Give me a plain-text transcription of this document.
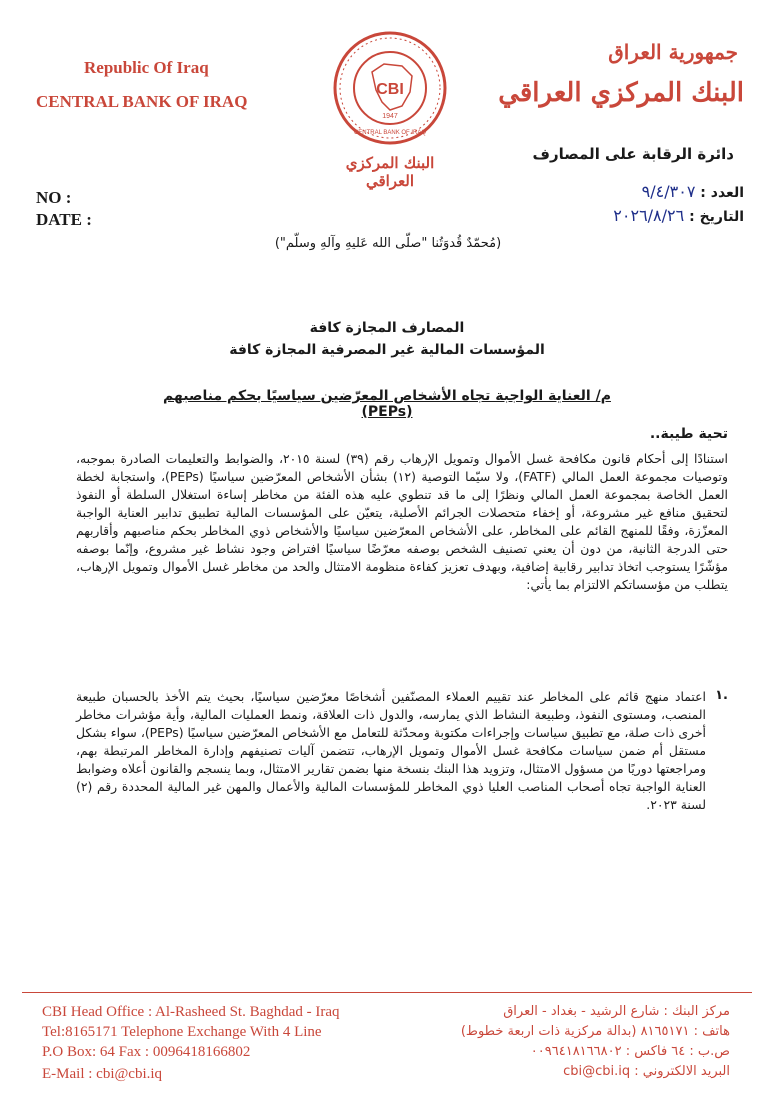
Republic Of Iraq
CENTRAL BANK OF IRAQ
جمهورية العراق
البنك المركزي العراقي
CBI
1947
CENTRAL BANK OF IRAQ
البنك المركزي العراقي
دائرة الرقابة على المصارف
NO :
DATE :
العدد : ٩/٤/٣٠٧
التاريخ : ٢٠٢٦/٨/٢٦
(مُحمّدٌ قُدوَتُنا "صلّى الله عَليهِ وآلهِ وسلّم")
المصارف المجازة كافة
المؤسسات المالية غير المصرفية المجازة كافة
م/ العناية الواجبة تجاه الأشخاص المعرّضين سياسيًا بحكم مناصبهم (PEPs)
تحية طيبة..
استنادًا إلى أحكام قانون مكافحة غسل الأموال وتمويل الإرهاب رقم (٣٩) لسنة ٢٠١٥، والضوابط والتعليمات الصادرة بموجبه، وتوصيات مجموعة العمل المالي (FATF)، ولا سيّما التوصية (١٢) بشأن الأشخاص المعرّضين سياسيًا (PEPs)، واستجابة لخطة العمل الخاصة بمجموعة العمل المالي ونظرًا إلى ما قد تنطوي عليه هذه الفئة من مخاطر إساءة استغلال السلطة أو النفوذ لتحقيق منافع غير مشروعة، أو إخفاء متحصلات الجرائم الأصلية، يتعيّن على المؤسسات المالية تطبيق تدابير العناية الواجبة المعزّزة، وفقًا للمنهج القائم على المخاطر، على الأشخاص المعرّضين سياسيًا والأشخاص ذوي المخاطر بحكم مناصبهم وأقاربهم حتى الدرجة الثانية، من دون أن يعني تصنيف الشخص بوصفه معرّضًا سياسيًا افتراض وجود نشاط غير مشروع، وإنّما بوصفه مؤشّرًا يستوجب اتخاذ تدابير رقابية إضافية، وبهدف تعزيز كفاءة منظومة الامتثال والحد من مخاطر غسل الأموال وتمويل الإرهاب، يتطلب من مؤسساتكم الالتزام بما يأتي:
١.
اعتماد منهج قائم على المخاطر عند تقييم العملاء المصنّفين أشخاصًا معرّضين سياسيًا، بحيث يتم الأخذ بالحسبان طبيعة المنصب، ومستوى النفوذ، وطبيعة النشاط الذي يمارسه، والدول ذات العلاقة، ونمط العمليات المالية، وأية مؤشرات مخاطر أخرى ذات صلة، مع تطبيق سياسات وإجراءات مكتوبة ومحدّثة للتعامل مع الأشخاص المعرّضين سياسيًا (PEPs)، سواء بشكل مستقل أم ضمن سياسات مكافحة غسل الأموال وتمويل الإرهاب، تتضمن آليات تصنيفهم وإدارة المخاطر المرتبطة بهم، ومراجعتها دوريًا من مسؤول الامتثال، وتزويد هذا البنك بنسخة منها بضمن تقارير الامتثال، وبما ينسجم والقانون أعلاه وضوابط العناية الواجبة تجاه أصحاب المناصب العليا ذوي المخاطر للمؤسسات المالية والأعمال والمهن غير المالية المحددة رقم (٢) لسنة ٢٠٢٣.
CBI Head Office : Al-Rasheed St. Baghdad - Iraq
Tel:8165171 Telephone Exchange With 4 Line
P.O Box: 64 Fax : 0096418166802
E-Mail : cbi@cbi.iq
مركز البنك : شارع الرشيد - بغداد - العراق
هاتف : ٨١٦٥١٧١ (بدالة مركزية ذات اربعة خطوط)
ص.ب : ٦٤ فاكس : ٠٠٩٦٤١٨١٦٦٨٠٢
البريد الالكتروني : cbi@cbi.iq
